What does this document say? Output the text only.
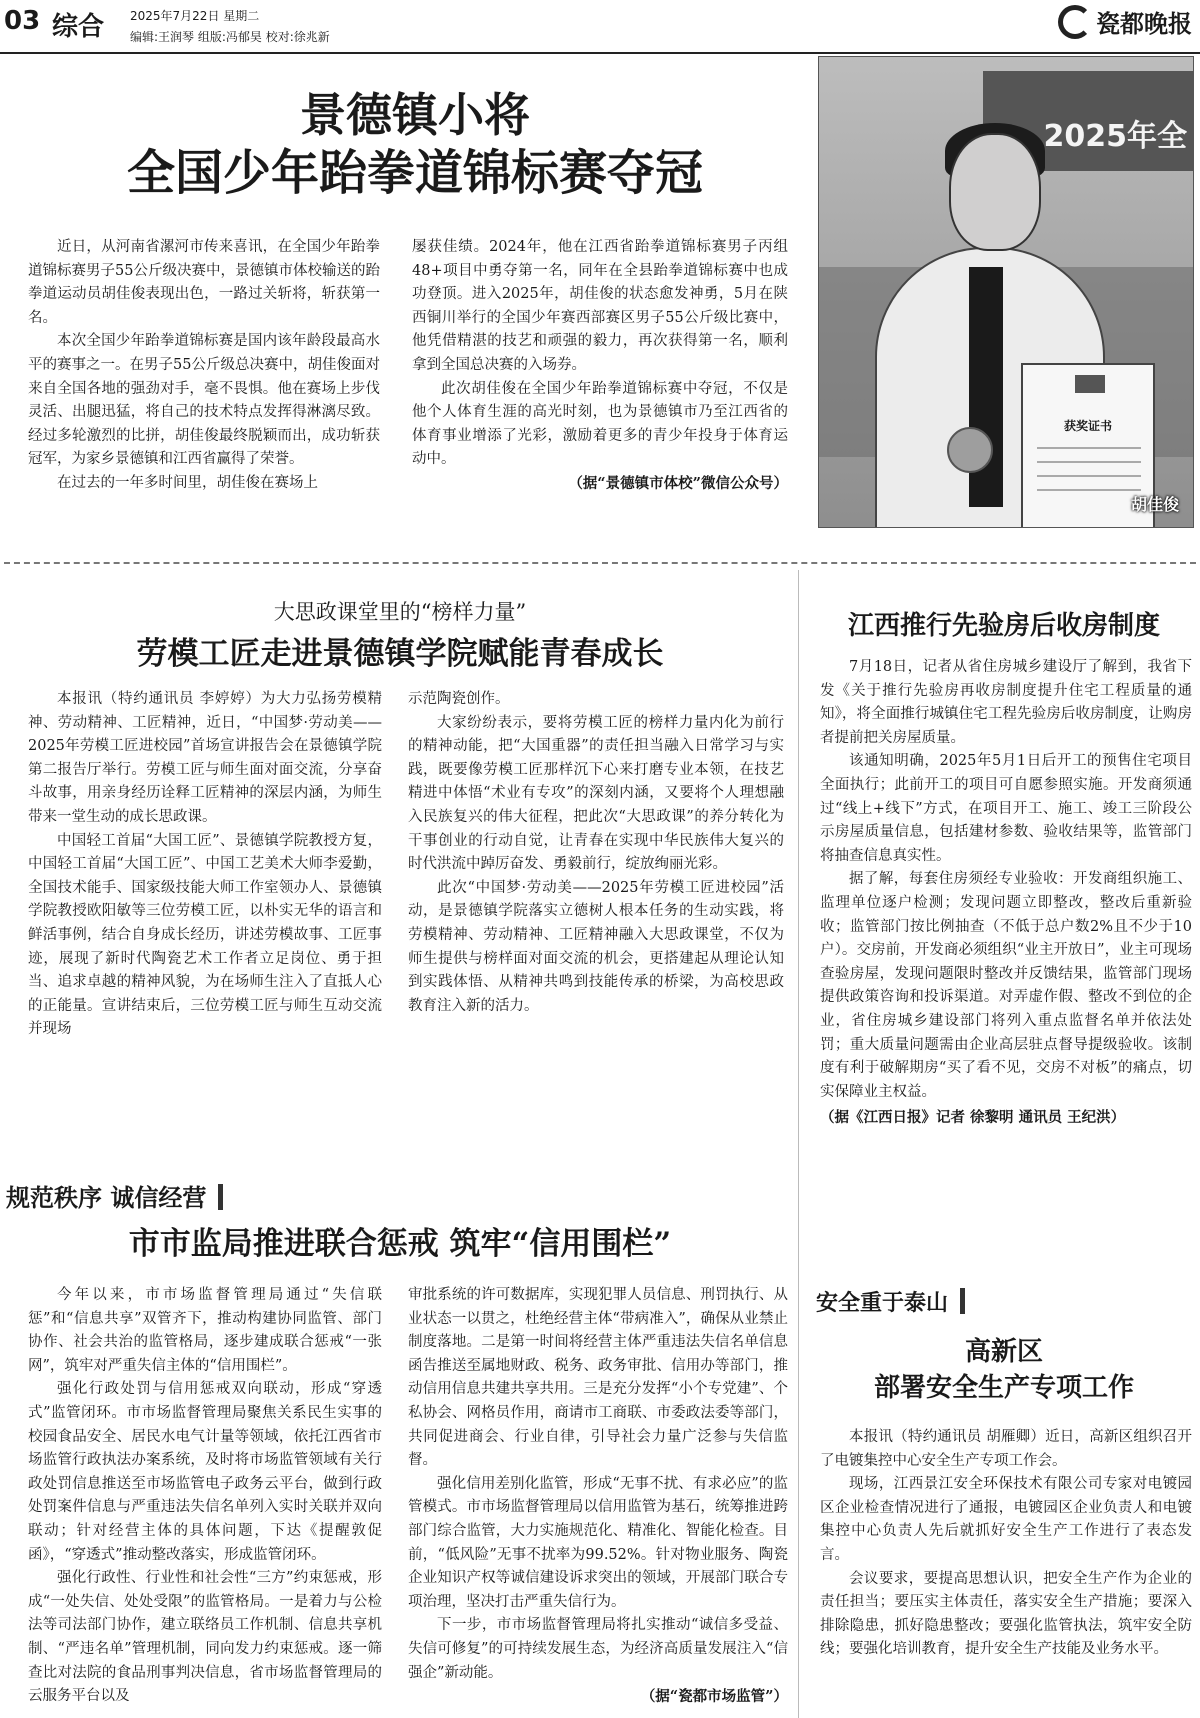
03 综合 2025年7月22日 星期二
编辑:王润琴 组版:冯郁昊 校对:徐兆新	瓷都晚报
景德镇小将
全国少年跆拳道锦标赛夺冠

近日，从河南省漯河市传来喜讯，在全国少年跆拳道锦标赛男子55公斤级决赛中，景德镇市体校输送的跆拳道运动员胡佳俊表现出色，一路过关斩将，斩获第一名。

本次全国少年跆拳道锦标赛是国内该年龄段最高水平的赛事之一。在男子55公斤级总决赛中，胡佳俊面对来自全国各地的强劲对手，毫不畏惧。他在赛场上步伐灵活、出腿迅猛，将自己的技术特点发挥得淋漓尽致。经过多轮激烈的比拼，胡佳俊最终脱颖而出，成功斩获冠军，为家乡景德镇和江西省赢得了荣誉。

在过去的一年多时间里，胡佳俊在赛场上

屡获佳绩。2024年，他在江西省跆拳道锦标赛男子丙组48+项目中勇夺第一名，同年在全县跆拳道锦标赛中也成功登顶。进入2025年，胡佳俊的状态愈发神勇，5月在陕西铜川举行的全国少年赛西部赛区男子55公斤级比赛中，他凭借精湛的技艺和顽强的毅力，再次获得第一名，顺利拿到全国总决赛的入场券。

此次胡佳俊在全国少年跆拳道锦标赛中夺冠，不仅是他个人体育生涯的高光时刻，也为景德镇市乃至江西省的体育事业增添了光彩，激励着更多的青少年投身于体育运动中。

（据“景德镇市体校”微信公众号）
2025年全
获奖证书
胡佳俊
大思政课堂里的“榜样力量”
劳模工匠走进景德镇学院赋能青春成长

本报讯（特约通讯员 李婷婷）为大力弘扬劳模精神、劳动精神、工匠精神，近日，“中国梦·劳动美——2025年劳模工匠进校园”首场宣讲报告会在景德镇学院第二报告厅举行。劳模工匠与师生面对面交流，分享奋斗故事，用亲身经历诠释工匠精神的深层内涵，为师生带来一堂生动的成长思政课。

中国轻工首届“大国工匠”、景德镇学院教授方复，中国轻工首届“大国工匠”、中国工艺美术大师李爱勤，全国技术能手、国家级技能大师工作室领办人、景德镇学院教授欧阳敏等三位劳模工匠，以朴实无华的语言和鲜活事例，结合自身成长经历，讲述劳模故事、工匠事迹，展现了新时代陶瓷艺术工作者立足岗位、勇于担当、追求卓越的精神风貌，为在场师生注入了直抵人心的正能量。宣讲结束后，三位劳模工匠与师生互动交流并现场

示范陶瓷创作。

大家纷纷表示，要将劳模工匠的榜样力量内化为前行的精神动能，把“大国重器”的责任担当融入日常学习与实践，既要像劳模工匠那样沉下心来打磨专业本领，在技艺精进中体悟“术业有专攻”的深刻内涵，又要将个人理想融入民族复兴的伟大征程，把此次“大思政课”的养分转化为干事创业的行动自觉，让青春在实现中华民族伟大复兴的时代洪流中踔厉奋发、勇毅前行，绽放绚丽光彩。

此次“中国梦·劳动美——2025年劳模工匠进校园”活动，是景德镇学院落实立德树人根本任务的生动实践，将劳模精神、劳动精神、工匠精神融入大思政课堂，不仅为师生提供与榜样面对面交流的机会，更搭建起从理论认知到实践体悟、从精神共鸣到技能传承的桥梁，为高校思政教育注入新的活力。

规范秩序 诚信经营
市市监局推进联合惩戒 筑牢“信用围栏”

今年以来，市市场监督管理局通过“失信联惩”和“信息共享”双管齐下，推动构建协同监管、部门协作、社会共治的监管格局，逐步建成联合惩戒“一张网”，筑牢对严重失信主体的“信用围栏”。

强化行政处罚与信用惩戒双向联动，形成“穿透式”监管闭环。市市场监督管理局聚焦关系民生实事的校园食品安全、居民水电气计量等领域，依托江西省市场监管行政执法办案系统，及时将市场监管领域有关行政处罚信息推送至市场监管电子政务云平台，做到行政处罚案件信息与严重违法失信名单列入实时关联并双向联动；针对经营主体的具体问题，下达《提醒敦促函》，“穿透式”推动整改落实，形成监管闭环。

强化行政性、行业性和社会性“三方”约束惩戒，形成“一处失信、处处受限”的监管格局。一是着力与公检法等司法部门协作，建立联络员工作机制、信息共享机制、“严违名单”管理机制，同向发力约束惩戒。逐一筛查比对法院的食品刑事判决信息，省市场监督管理局的云服务平台以及

审批系统的许可数据库，实现犯罪人员信息、刑罚执行、从业状态一以贯之，杜绝经营主体“带病准入”，确保从业禁止制度落地。二是第一时间将经营主体严重违法失信名单信息函告推送至属地财政、税务、政务审批、信用办等部门，推动信用信息共建共享共用。三是充分发挥“小个专党建”、个私协会、网格员作用，商请市工商联、市委政法委等部门，共同促进商会、行业自律，引导社会力量广泛参与失信监督。

强化信用差别化监管，形成“无事不扰、有求必应”的监管模式。市市场监督管理局以信用监管为基石，统筹推进跨部门综合监管，大力实施规范化、精准化、智能化检查。目前，“低风险”无事不扰率为99.52%。针对物业服务、陶瓷企业知识产权等诚信建设诉求突出的领域，开展部门联合专项治理，坚决打击严重失信行为。

下一步，市市场监督管理局将扎实推动“诚信多受益、失信可修复”的可持续发展生态，为经济高质量发展注入“信强企”新动能。

（据“瓷都市场监管”）
江西推行先验房后收房制度

7月18日，记者从省住房城乡建设厅了解到，我省下发《关于推行先验房再收房制度提升住宅工程质量的通知》，将全面推行城镇住宅工程先验房后收房制度，让购房者提前把关房屋质量。

该通知明确，2025年5月1日后开工的预售住宅项目全面执行；此前开工的项目可自愿参照实施。开发商须通过“线上+线下”方式，在项目开工、施工、竣工三阶段公示房屋质量信息，包括建材参数、验收结果等，监管部门将抽查信息真实性。

据了解，每套住房须经专业验收：开发商组织施工、监理单位逐户检测；发现问题立即整改，整改后重新验收；监管部门按比例抽查（不低于总户数2%且不少于10户）。交房前，开发商必须组织“业主开放日”，业主可现场查验房屋，发现问题限时整改并反馈结果，监管部门现场提供政策咨询和投诉渠道。对弄虚作假、整改不到位的企业，省住房城乡建设部门将列入重点监督名单并依法处罚；重大质量问题需由企业高层驻点督导提级验收。该制度有利于破解期房“买了看不见，交房不对板”的痛点，切实保障业主权益。

（据《江西日报》记者 徐黎明 通讯员 王纪洪）
安全重于泰山
高新区
部署安全生产专项工作

本报讯（特约通讯员 胡雁卿）近日，高新区组织召开了电镀集控中心安全生产专项工作会。

现场，江西景江安全环保技术有限公司专家对电镀园区企业检查情况进行了通报，电镀园区企业负责人和电镀集控中心负责人先后就抓好安全生产工作进行了表态发言。

会议要求，要提高思想认识，把安全生产作为企业的责任担当；要压实主体责任，落实安全生产措施；要深入排除隐患，抓好隐患整改；要强化监管执法，筑牢安全防线；要强化培训教育，提升安全生产技能及业务水平。
